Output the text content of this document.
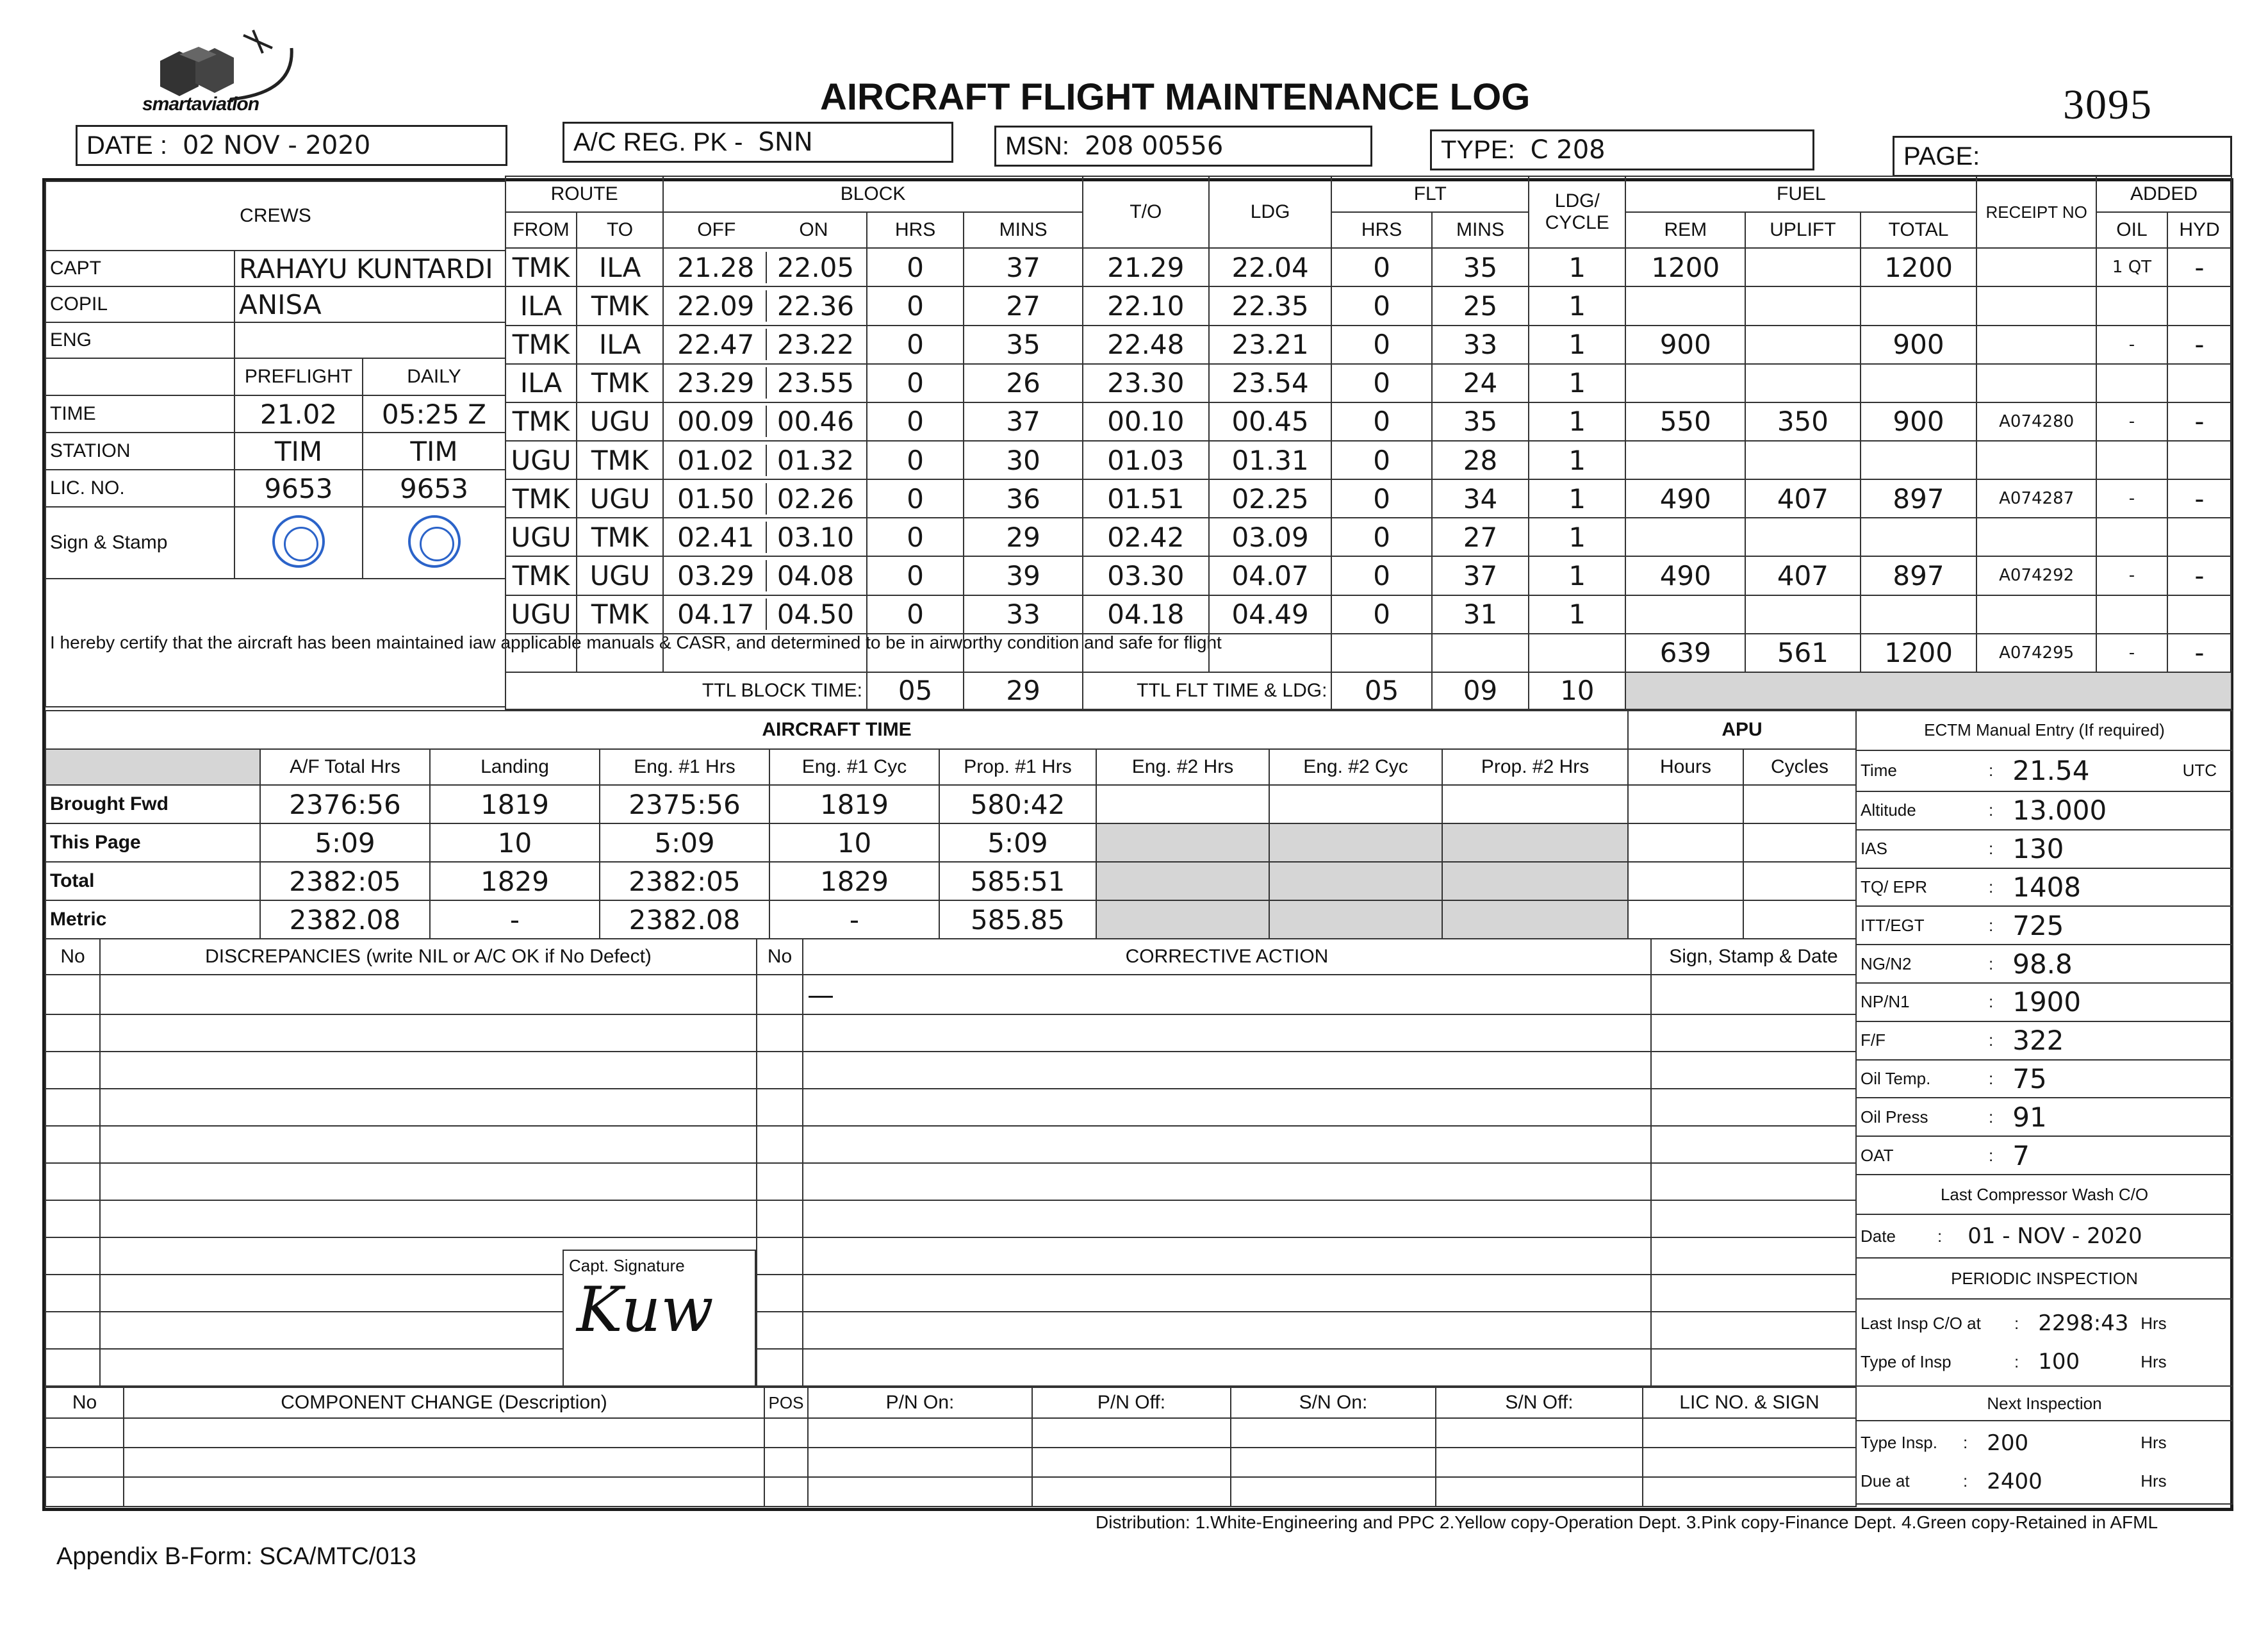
smartaviation	AIRCRAFT FLIGHT MAINTENANCE LOG	3095
DATE : 02 NOV - 2020	A/C REG. PK - SNN	MSN: 208 00556	TYPE: C 208	PAGE:
CREWS		
CAPT	RAHAYU KUNTARDI	
COPIL	ANISA	
ENG		
	PREFLIGHT	DAILY
TIME	21.02	05:25 Z
STATION	TIM	TIM
LIC. NO.	9653	9653
Sign & Stamp		
I hereby certify that the aircraft has been maintained iaw applicable manuals & CASR, and determined to be in airworthy condition and safe for flight		
ROUTE		BLOCK			T/O	LDG	FLT		LDG/ CYCLE	FUEL			RECEIPT NO	ADDED	
FROM	TO	OFF ON	HRS	MINS			HRS	MINS		REM	UPLIFT	TOTAL		OIL	HYD
TMK	ILA	21.28 22.05	0	37	21.29	22.04	0	35	1	1200		1200		1 QT	-
ILA	TMK	22.09 22.36	0	27	22.10	22.35	0	25	1						
TMK	ILA	22.47 23.22	0	35	22.48	23.21	0	33	1	900		900		-	-
ILA	TMK	23.29 23.55	0	26	23.30	23.54	0	24	1						
TMK	UGU	00.09 00.46	0	37	00.10	00.45	0	35	1	550	350	900	A074280	-	-
UGU	TMK	01.02 01.32	0	30	01.03	01.31	0	28	1						
TMK	UGU	01.50 02.26	0	36	01.51	02.25	0	34	1	490	407	897	A074287	-	-
UGU	TMK	02.41 03.10	0	29	02.42	03.09	0	27	1						
TMK	UGU	03.29 04.08	0	39	03.30	04.07	0	37	1	490	407	897	A074292	-	-
UGU	TMK	04.17 04.50	0	33	04.18	04.49	0	31	1						
										639	561	1200	A074295	-	-
TTL BLOCK TIME:			05	29	TTL FLT TIME & LDG:		05	09	10						
AIRCRAFT TIME								
	A/F Total Hrs	Landing	Eng. #1 Hrs	Eng. #1 Cyc	Prop. #1 Hrs	Eng. #2 Hrs	Eng. #2 Cyc	Prop. #2 Hrs
Brought Fwd	2376:56	1819	2375:56	1819	580:42			
This Page	5:09	10	5:09	10	5:09			
Total	2382:05	1829	2382:05	1829	585:51			
Metric	2382.08	-	2382.08	-	585.85			
APU	
Hours	Cycles

ECTM Manual Entry (If required)

Time	: 21.54	UTC

Altitude	: 13.000

IAS	: 130

TQ/ EPR	: 1408

ITT/EGT	: 725

NG/N2	: 98.8

NP/N1	: 1900

F/F	: 322

Oil Temp.	: 75

Oil Press	: 91

OAT	: 7

Last Compressor Wash C/O

Date	: 01 - NOV - 2020

PERIODIC INSPECTION

Last Insp C/O at	: 2298:43 Hrs
Type of Insp	: 100	Hrs

Next Inspection

Type Insp.	: 200	Hrs
Due at	: 2400	Hrs
No	DISCREPANCIES (write NIL or A/C OK if No Defect)	No	CORRECTIVE ACTION	Sign, Stamp & Date
			—	

Capt. Signature
Kuw
No	COMPONENT CHANGE (Description)	POS	P/N On:	P/N Off:	S/N On:	S/N Off:	LIC NO. & SIGN

Distribution: 1.White-Engineering and PPC 2.Yellow copy-Operation Dept. 3.Pink copy-Finance Dept. 4.Green copy-Retained in AFML
Appendix B-Form: SCA/MTC/013
